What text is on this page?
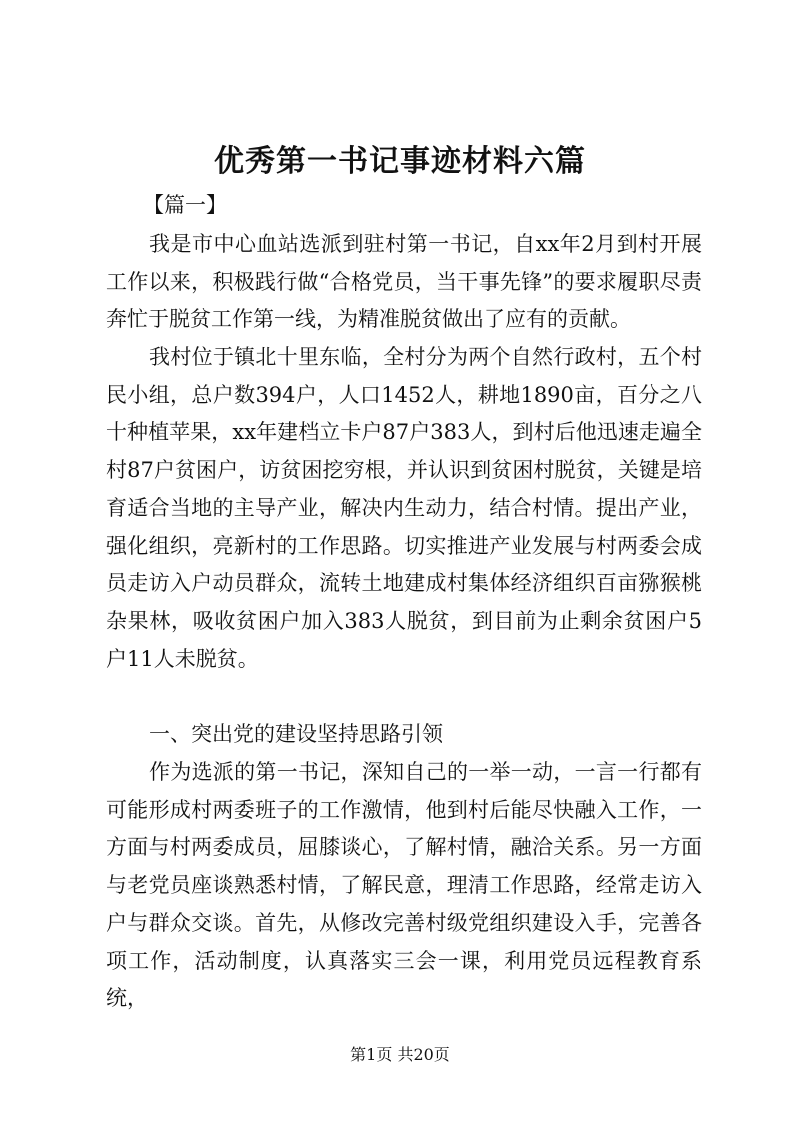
优秀第一书记事迹材料六篇
【篇一】

我是市中心血站选派到驻村第一书记，自xx年2月到村开展工作以来，积极践行做“合格党员，当干事先锋”的要求履职尽责奔忙于脱贫工作第一线，为精准脱贫做出了应有的贡献。

我村位于镇北十里东临，全村分为两个自然行政村，五个村民小组，总户数394户，人口1452人，耕地1890亩，百分之八十种植苹果，xx年建档立卡户87户383人，到村后他迅速走遍全村87户贫困户，访贫困挖穷根，并认识到贫困村脱贫，关键是培育适合当地的主导产业，解决内生动力，结合村情。提出产业，强化组织，亮新村的工作思路。切实推进产业发展与村两委会成员走访入户动员群众，流转土地建成村集体经济组织百亩猕猴桃杂果林，吸收贫困户加入383人脱贫，到目前为止剩余贫困户5户11人未脱贫。

一、突出党的建设坚持思路引领

作为选派的第一书记，深知自己的一举一动，一言一行都有可能形成村两委班子的工作激情，他到村后能尽快融入工作，一方面与村两委成员，屈膝谈心，了解村情，融洽关系。另一方面与老党员座谈熟悉村情，了解民意，理清工作思路，经常走访入户与群众交谈。首先，从修改完善村级党组织建设入手，完善各项工作，活动制度，认真落实三会一课，利用党员远程教育系统，

第1页 共20页
